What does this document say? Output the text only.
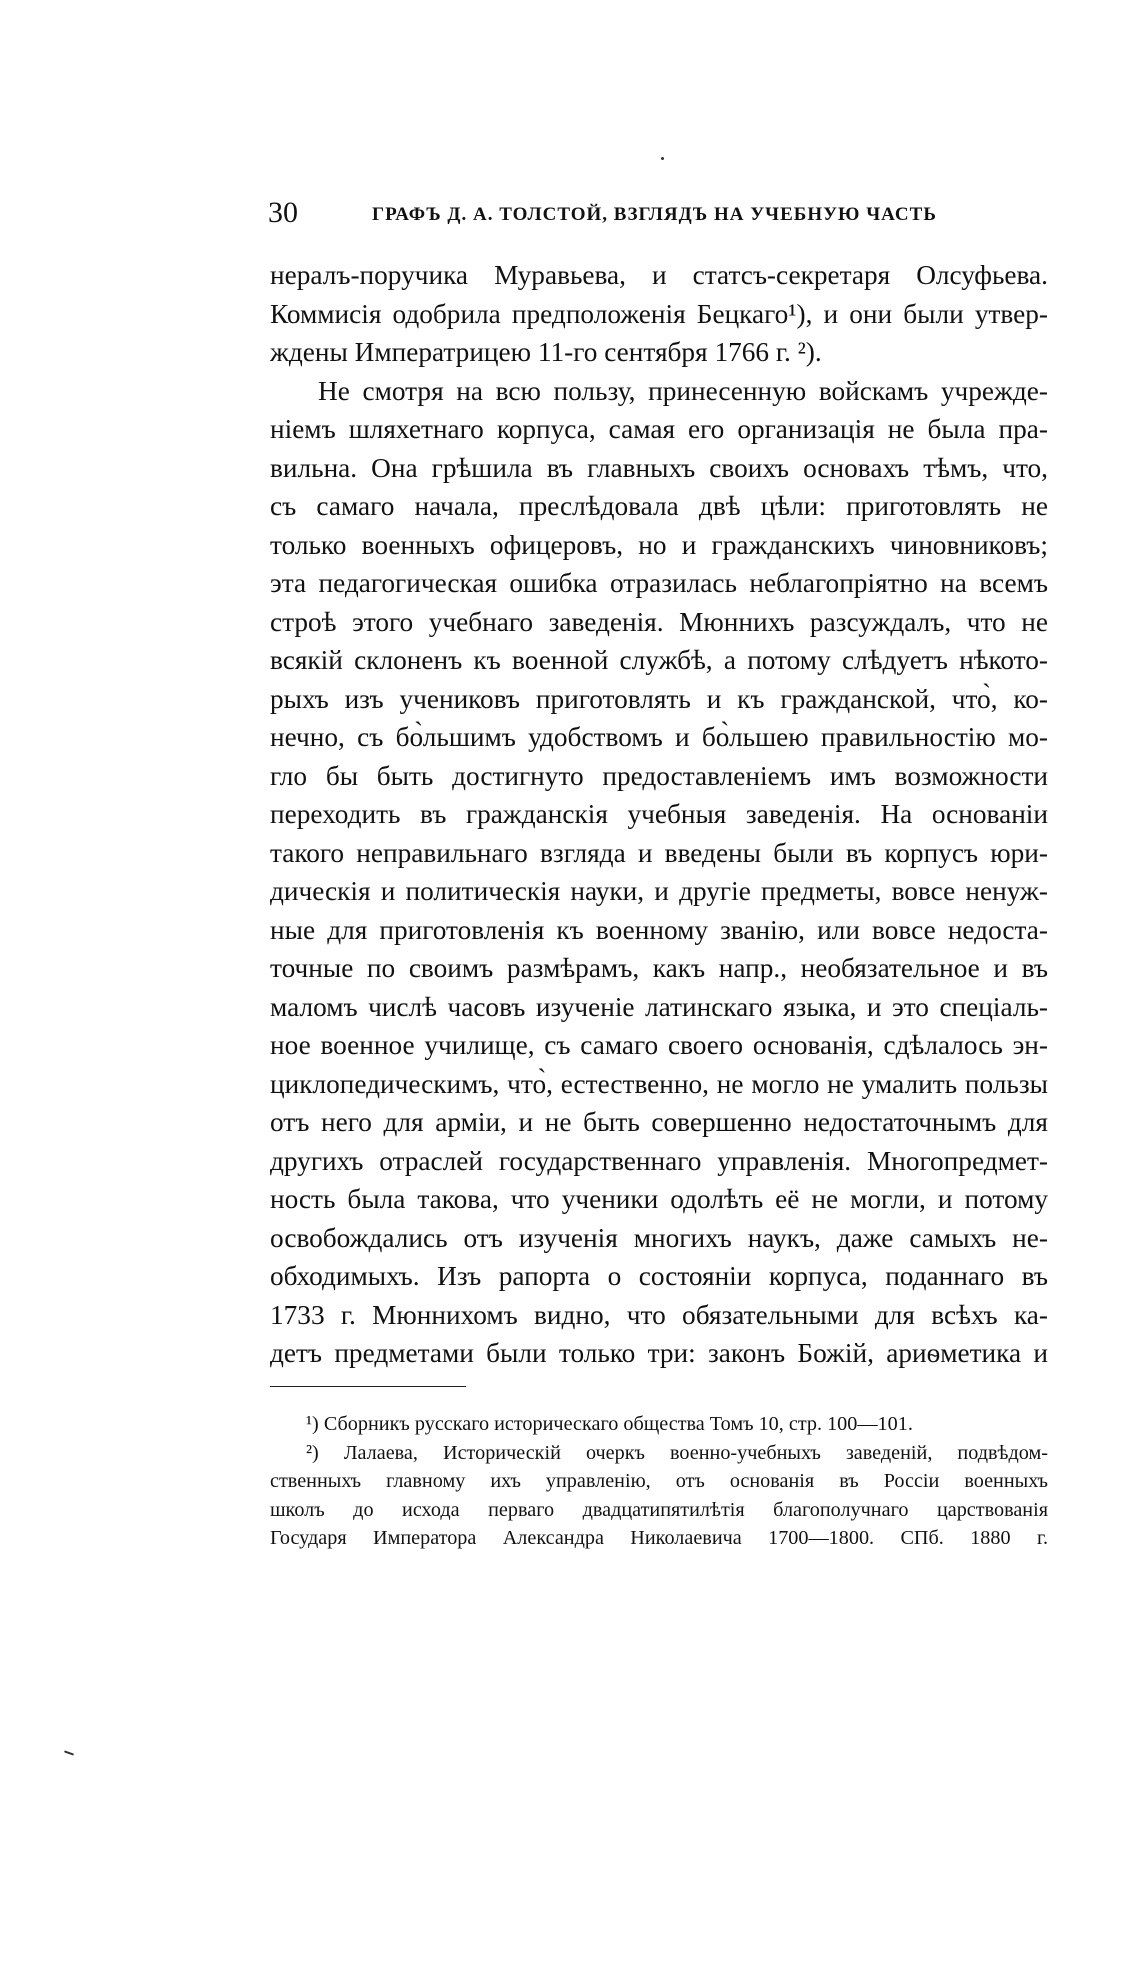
30	ГРАФЪ Д. А. ТОЛСТОЙ, ВЗГЛЯДЪ НА УЧЕБНУЮ ЧАСТЬ
нералъ-поручика Муравьева, и статсъ-секретаря Олсуфьева.
Коммисія одобрила предположенія Бецкаго¹), и они были утвер-
ждены Императрицею 11-го сентября 1766 г. ²).
Не смотря на всю пользу, принесенную войскамъ учрежде-
ніемъ шляхетнаго корпуса, самая его организація не была пра-
вильна. Она грѣшила въ главныхъ своихъ основахъ тѣмъ, что,
съ самаго начала, преслѣдовала двѣ цѣли: приготовлять не
только военныхъ офицеровъ, но и гражданскихъ чиновниковъ;
эта педагогическая ошибка отразилась неблагопріятно на всемъ
строѣ этого учебнаго заведенія. Мюннихъ разсуждалъ, что не
всякій склоненъ къ военной службѣ, а потому слѣдуетъ нѣкото-
рыхъ изъ учениковъ приготовлять и къ гражданской, что̀, ко-
нечно, съ бо̀льшимъ удобствомъ и бо̀льшею правильностію мо-
гло бы быть достигнуто предоставленіемъ имъ возможности
переходить въ гражданскія учебныя заведенія. На основаніи
такого неправильнаго взгляда и введены были въ корпусъ юри-
дическія и политическія науки, и другіе предметы, вовсе ненуж-
ные для приготовленія къ военному званію, или вовсе недоста-
точные по своимъ размѣрамъ, какъ напр., необязательное и въ
маломъ числѣ часовъ изученіе латинскаго языка, и это спеціаль-
ное военное училище, съ самаго своего основанія, сдѣлалось эн-
циклопедическимъ, что̀, естественно, не могло не умалить пользы
отъ него для арміи, и не быть совершенно недостаточнымъ для
другихъ отраслей государственнаго управленія. Многопредмет-
ность была такова, что ученики одолѣть её не могли, и потому
освобождались отъ изученія многихъ наукъ, даже самыхъ не-
обходимыхъ. Изъ рапорта о состояніи корпуса, поданнаго въ
1733 г. Мюннихомъ видно, что обязательными для всѣхъ ка-
детъ предметами были только три: законъ Божій, ариѳметика и
¹) Сборникъ русскаго историческаго общества Томъ 10, стр. 100—101.
²) Лалаева, Историческій очеркъ военно-учебныхъ заведеній, подвѣдом-
ственныхъ главному ихъ управленію, отъ основанія въ Россіи военныхъ
школъ до исхода перваго двадцатипятилѣтія благополучнаго царствованія
Государя Императора Александра Николаевича 1700—1800. СПб. 1880 г.
